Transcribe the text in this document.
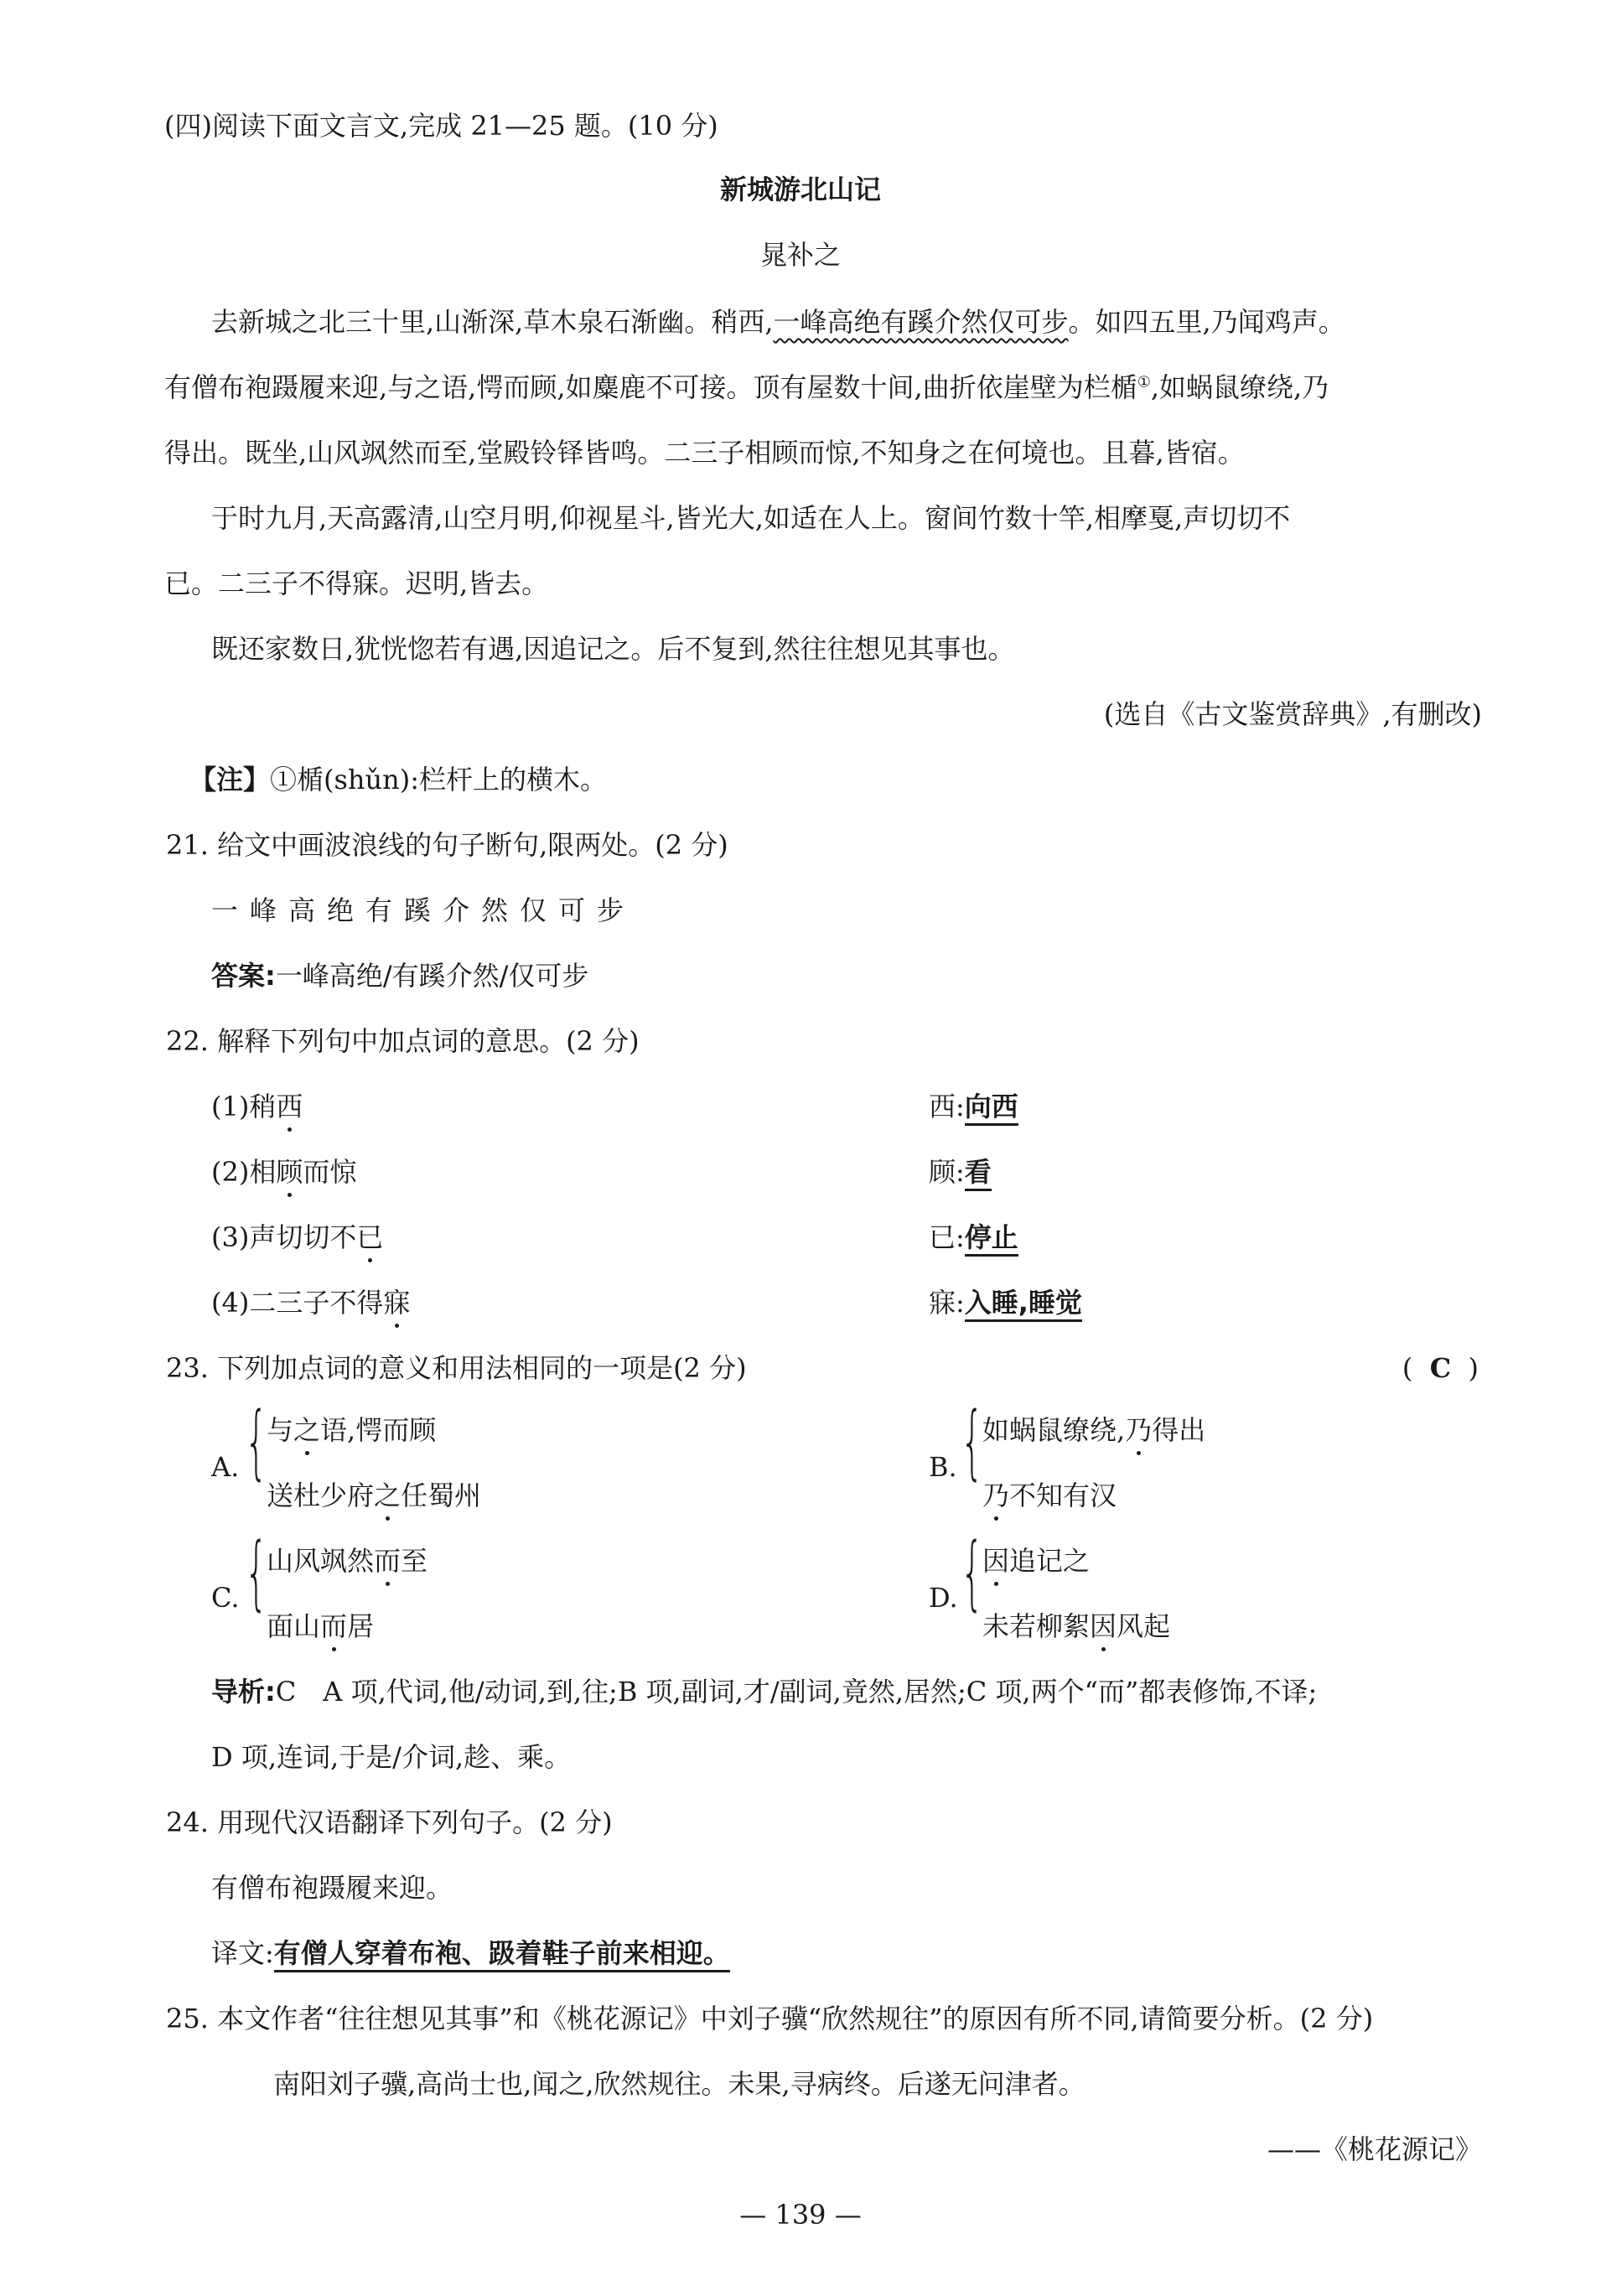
(四)阅读下面文言文,完成 21—25 题。(10 分)
新城游北山记
晁补之
去新城之北三十里,山渐深,草木泉石渐幽。稍西,一峰高绝有蹊介然仅可步。如四五里,乃闻鸡声。
有僧布袍蹑履来迎,与之语,愕而顾,如麋鹿不可接。顶有屋数十间,曲折依崖壁为栏楯①,如蜗鼠缭绕,乃
得出。既坐,山风飒然而至,堂殿铃铎皆鸣。二三子相顾而惊,不知身之在何境也。且暮,皆宿。
于时九月,天高露清,山空月明,仰视星斗,皆光大,如适在人上。窗间竹数十竿,相摩戛,声切切不
已。二三子不得寐。迟明,皆去。
既还家数日,犹恍惚若有遇,因追记之。后不复到,然往往想见其事也。
(选自《古文鉴赏辞典》,有删改)
【注】①楯(shǔn):栏杆上的横木。
21. 给文中画波浪线的句子断句,限两处。(2 分)
一峰高绝有蹊介然仅可步
答案:一峰高绝/有蹊介然/仅可步
22. 解释下列句中加点词的意思。(2 分)
(1)稍西	西:向西
(2)相顾而惊	顾:看
(3)声切切不已	已:停止
(4)二三子不得寐	寐:入睡,睡觉
23. 下列加点词的意义和用法相同的一项是(2 分)	( C )
A. {
与之语,愕而顾
送杜少府之任蜀州
B. {
如蜗鼠缭绕,乃得出
乃不知有汉
C. {
山风飒然而至
面山而居
D. {
因追记之
未若柳絮因风起
导析:C　A 项,代词,他/动词,到,往;B 项,副词,才/副词,竟然,居然;C 项,两个“而”都表修饰,不译;
D 项,连词,于是/介词,趁、乘。
24. 用现代汉语翻译下列句子。(2 分)
有僧布袍蹑履来迎。
译文:有僧人穿着布袍、趿着鞋子前来相迎。
25. 本文作者“往往想见其事”和《桃花源记》中刘子骥“欣然规往”的原因有所不同,请简要分析。(2 分)
南阳刘子骥,高尚士也,闻之,欣然规往。未果,寻病终。后遂无问津者。
——《桃花源记》
— 139 —
